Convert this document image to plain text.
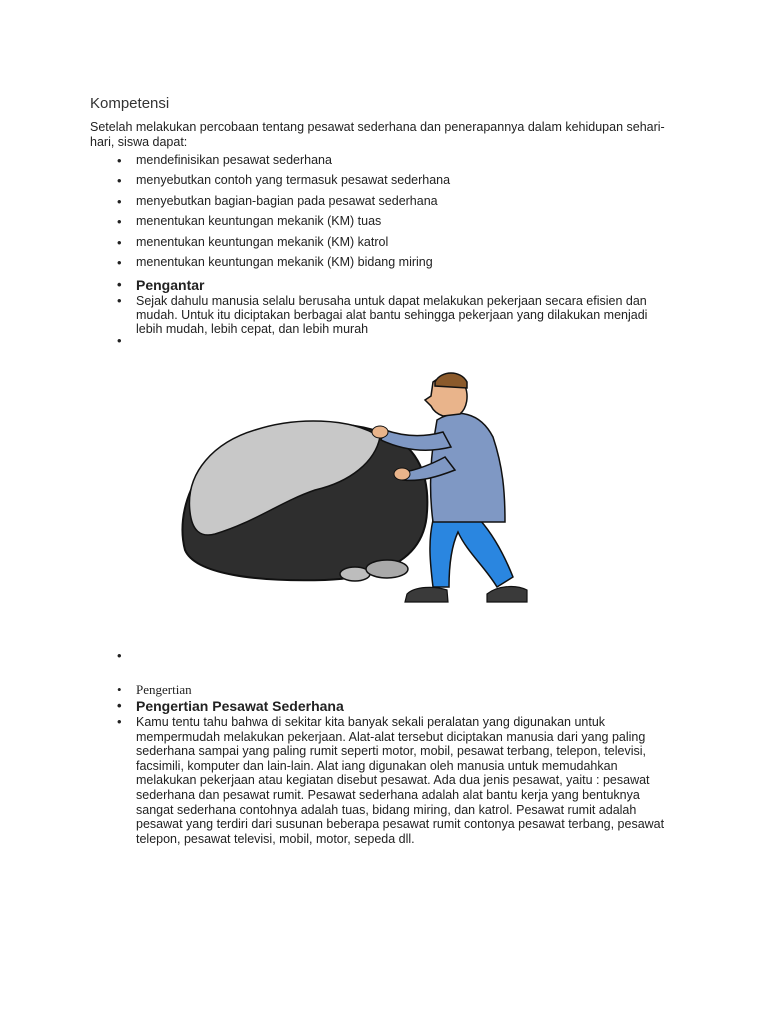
Kompetensi

Setelah melakukan percobaan tentang pesawat sederhana dan penerapannya dalam kehidupan sehari-hari, siswa dapat:

• mendefinisikan pesawat sederhana
• menyebutkan contoh yang termasuk pesawat sederhana
• menyebutkan bagian-bagian pada pesawat sederhana
• menentukan keuntungan mekanik (KM) tuas
• menentukan keuntungan mekanik (KM) katrol
• menentukan keuntungan mekanik (KM) bidang miring
• Pengantar
• Sejak dahulu manusia selalu berusaha untuk dapat melakukan pekerjaan secara efisien dan mudah. Untuk itu diciptakan berbagai alat bantu sehingga pekerjaan yang dilakukan menjadi lebih mudah, lebih cepat, dan lebih murah
•
•
• Pengertian
• Pengertian Pesawat Sederhana
• Kamu tentu tahu bahwa di sekitar kita banyak sekali peralatan yang digunakan untuk mempermudah melakukan pekerjaan. Alat-alat tersebut diciptakan manusia dari yang paling sederhana sampai yang paling rumit seperti motor, mobil, pesawat terbang, telepon, televisi, facsimili, komputer dan lain-lain. Alat iang digunakan oleh manusia untuk memudahkan melakukan pekerjaan atau kegiatan disebut pesawat. Ada dua jenis pesawat, yaitu : pesawat sederhana dan pesawat rumit. Pesawat sederhana adalah alat bantu kerja yang bentuknya sangat sederhana contohnya adalah tuas, bidang miring, dan katrol. Pesawat rumit adalah pesawat yang terdiri dari susunan beberapa pesawat rumit contonya pesawat terbang, pesawat telepon, pesawat televisi, mobil, motor, sepeda dll.
